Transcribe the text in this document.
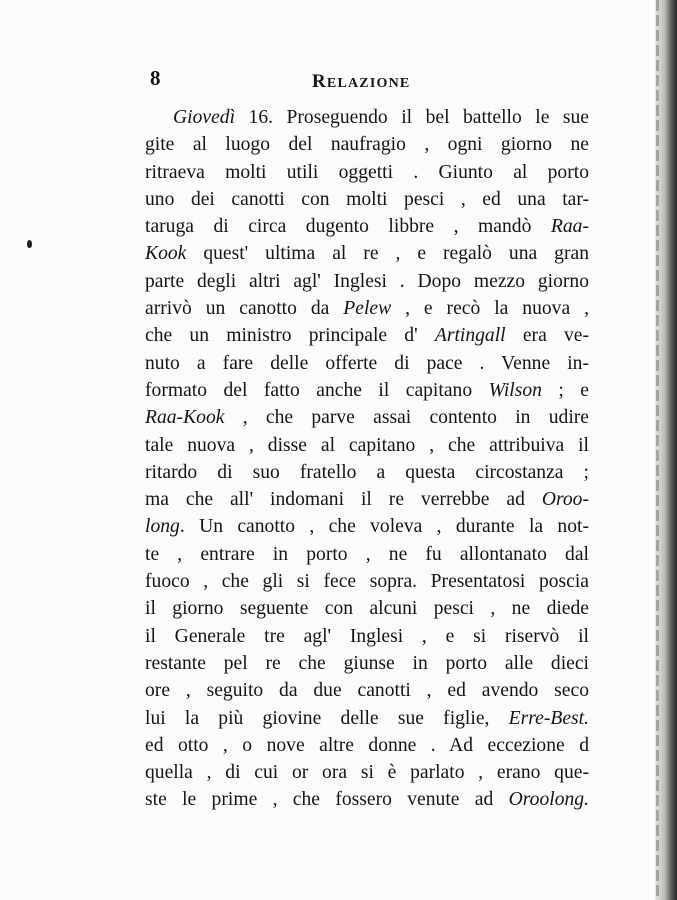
8	RELAZIONE
Giovedì 16. Proseguendo il bel battello le sue
gite al luogo del naufragio , ogni giorno ne
ritraeva molti utili oggetti . Giunto al porto
uno dei canotti con molti pesci , ed una tar-
taruga di circa dugento libbre , mandò Raa-
Kook quest' ultima al re , e regalò una gran
parte degli altri agl' Inglesi . Dopo mezzo giorno
arrivò un canotto da Pelew , e recò la nuova ,
che un ministro principale d' Artingall era ve-
nuto a fare delle offerte di pace . Venne in-
formato del fatto anche il capitano Wilson ; e
Raa-Kook , che parve assai contento in udire
tale nuova , disse al capitano , che attribuiva il
ritardo di suo fratello a questa circostanza ;
ma che all' indomani il re verrebbe ad Oroo-
long. Un canotto , che voleva , durante la not-
te , entrare in porto , ne fu allontanato dal
fuoco , che gli si fece sopra. Presentatosi poscia
il giorno seguente con alcuni pesci , ne diede
il Generale tre agl' Inglesi , e si riservò il
restante pel re che giunse in porto alle dieci
ore , seguito da due canotti , ed avendo seco
lui la più giovine delle sue figlie, Erre-Best.
ed otto , o nove altre donne . Ad eccezione d
quella , di cui or ora si è parlato , erano que-
ste le prime , che fossero venute ad Oroolong.
